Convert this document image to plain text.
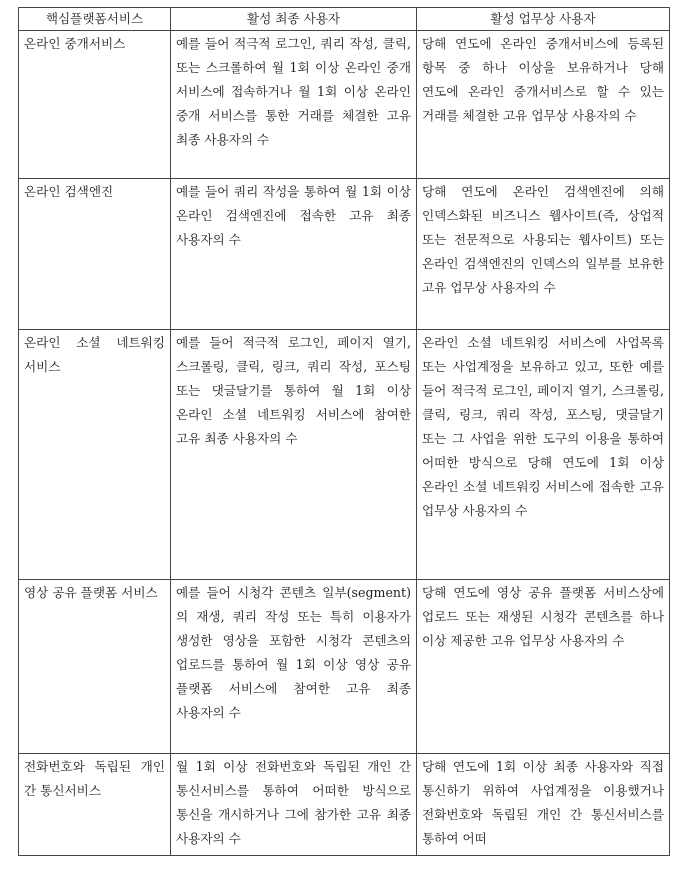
핵심플랫폼서비스	활성 최종 사용자	활성 업무상 사용자
온라인 중개서비스	예를 들어 적극적 로그인, 쿼리 작성, 클릭, 또는 스크롤하여 월 1회 이상 온라인 중개 서비스에 접속하거나 월 1회 이상 온라인 중개 서비스를 통한 거래를 체결한 고유 최종 사용자의 수	당해 연도에 온라인 중개서비스에 등록된 항목 중 하나 이상을 보유하거나 당해 연도에 온라인 중개서비스로 할 수 있는 거래를 체결한 고유 업무상 사용자의 수
온라인 검색엔진	예를 들어 쿼리 작성을 통하여 월 1회 이상 온라인 검색엔진에 접속한 고유 최종 사용자의 수	당해 연도에 온라인 검색엔진에 의해 인덱스화된 비즈니스 웹사이트(즉, 상업적 또는 전문적으로 사용되는 웹사이트) 또는 온라인 검색엔진의 인덱스의 일부를 보유한 고유 업무상 사용자의 수
온라인 소셜 네트워킹 서비스	예를 들어 적극적 로그인, 페이지 열기, 스크롤링, 클릭, 링크, 쿼리 작성, 포스팅 또는 댓글달기를 통하여 월 1회 이상 온라인 소셜 네트워킹 서비스에 참여한 고유 최종 사용자의 수	온라인 소셜 네트워킹 서비스에 사업목록 또는 사업계정을 보유하고 있고, 또한 예를 들어 적극적 로그인, 페이지 열기, 스크롤링, 클릭, 링크, 쿼리 작성, 포스팅, 댓글달기 또는 그 사업을 위한 도구의 이용을 통하여 어떠한 방식으로 당해 연도에 1회 이상 온라인 소셜 네트워킹 서비스에 접속한 고유 업무상 사용자의 수
영상 공유 플랫폼 서비스	예를 들어 시청각 콘텐츠 일부(segment)의 재생, 쿼리 작성 또는 특히 이용자가 생성한 영상을 포함한 시청각 콘텐츠의 업로드를 통하여 월 1회 이상 영상 공유 플랫폼 서비스에 참여한 고유 최종 사용자의 수	당해 연도에 영상 공유 플랫폼 서비스상에 업로드 또는 재생된 시청각 콘텐츠를 하나 이상 제공한 고유 업무상 사용자의 수
전화번호와 독립된 개인 간 통신서비스	월 1회 이상 전화번호와 독립된 개인 간 통신서비스를 통하여 어떠한 방식으로 통신을 개시하거나 그에 참가한 고유 최종 사용자의 수	당해 연도에 1회 이상 최종 사용자와 직접 통신하기 위하여 사업계정을 이용했거나 전화번호와 독립된 개인 간 통신서비스를 통하여 어떠
